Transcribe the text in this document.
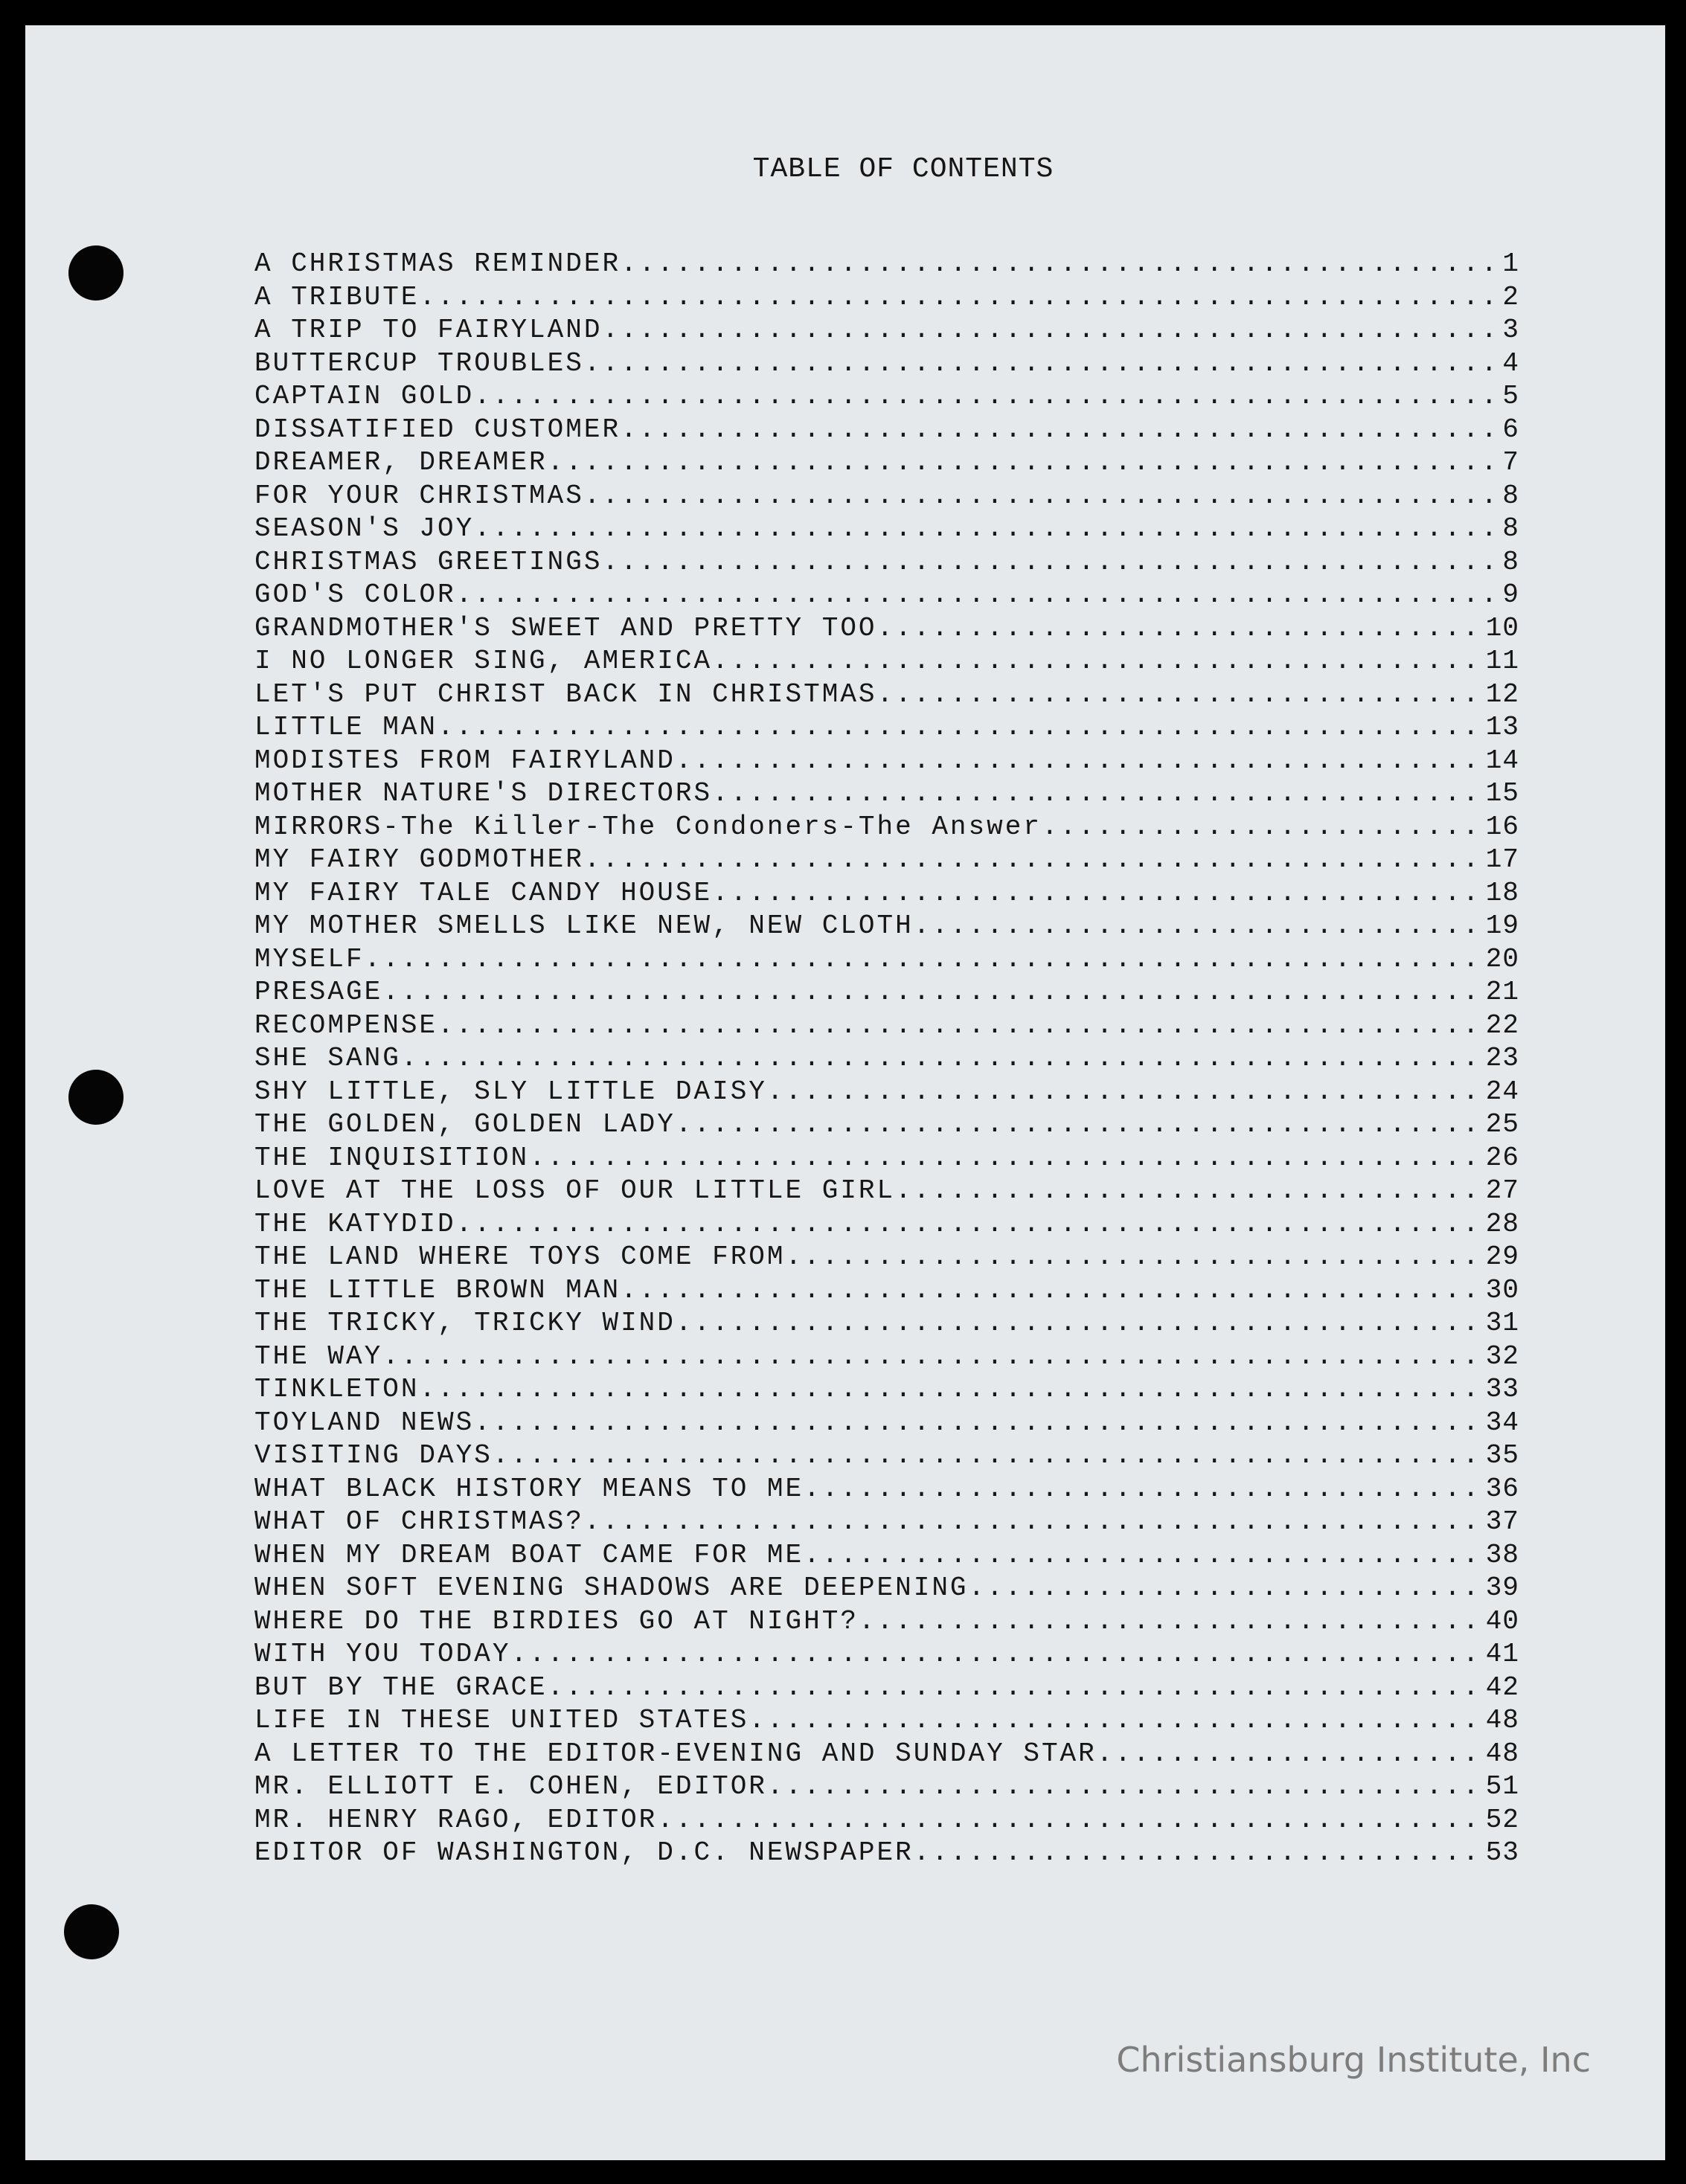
TABLE OF CONTENTS
A CHRISTMAS REMINDER .....	1
A TRIBUTE .....	2
A TRIP TO FAIRYLAND .....	3
BUTTERCUP TROUBLES .....	4
CAPTAIN GOLD .....	5
DISSATIFIED CUSTOMER .....	6
DREAMER, DREAMER .....	7
FOR YOUR CHRISTMAS .....	8
SEASON'S JOY .....	8
CHRISTMAS GREETINGS .....	8
GOD'S COLOR .....	9
GRANDMOTHER'S SWEET AND PRETTY TOO .....	10
I NO LONGER SING, AMERICA .....	11
LET'S PUT CHRIST BACK IN CHRISTMAS .....	12
LITTLE MAN .....	13
MODISTES FROM FAIRYLAND .....	14
MOTHER NATURE'S DIRECTORS .....	15
MIRRORS-The Killer-The Condoners-The Answer .....	16
MY FAIRY GODMOTHER .....	17
MY FAIRY TALE CANDY HOUSE .....	18
MY MOTHER SMELLS LIKE NEW, NEW CLOTH .....	19
MYSELF .....	20
PRESAGE .....	21
RECOMPENSE .....	22
SHE SANG .....	23
SHY LITTLE, SLY LITTLE DAISY .....	24
THE GOLDEN, GOLDEN LADY .....	25
THE INQUISITION .....	26
LOVE AT THE LOSS OF OUR LITTLE GIRL .....	27
THE KATYDID .....	28
THE LAND WHERE TOYS COME FROM .....	29
THE LITTLE BROWN MAN .....	30
THE TRICKY, TRICKY WIND .....	31
THE WAY .....	32
TINKLETON .....	33
TOYLAND NEWS .....	34
VISITING DAYS .....	35
WHAT BLACK HISTORY MEANS TO ME .....	36
WHAT OF CHRISTMAS? .....	37
WHEN MY DREAM BOAT CAME FOR ME .....	38
WHEN SOFT EVENING SHADOWS ARE DEEPENING .....	39
WHERE DO THE BIRDIES GO AT NIGHT? .....	40
WITH YOU TODAY .....	41
BUT BY THE GRACE .....	42
LIFE IN THESE UNITED STATES .....	48
A LETTER TO THE EDITOR-EVENING AND SUNDAY STAR .....	48
MR. ELLIOTT E. COHEN, EDITOR .....	51
MR. HENRY RAGO, EDITOR .....	52
EDITOR OF WASHINGTON, D.C. NEWSPAPER .....	53
Christiansburg Institute, Inc
